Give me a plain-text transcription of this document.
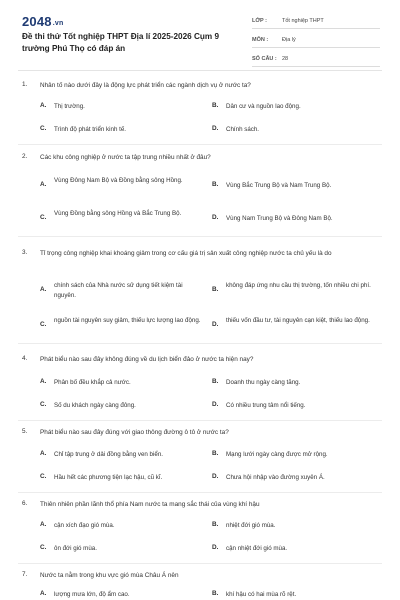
2048.vn
Đề thi thử Tốt nghiệp THPT Địa lí 2025-2026 Cụm 9 trường Phú Thọ có đáp án
LỚP :	Tốt nghiệp THPT
MÔN :	Địa lý
SỐ CÂU : 28
1. Nhân tố nào dưới đây là động lực phát triển các ngành dịch vụ ở nước ta?
A. Thị trường.	B. Dân cư và nguồn lao động.
C. Trình độ phát triển kinh tế.	D. Chính sách.
2. Các khu công nghiệp ở nước ta tập trung nhiều nhất ở đâu?
A.
Vùng Đông Nam Bộ và Đồng bằng sông Hồng.
B. Vùng Bắc Trung Bộ và Nam Trung Bộ.
C.
Vùng Đồng bằng sông Hồng và Bắc Trung Bộ.
D. Vùng Nam Trung Bộ và Đông Nam Bộ.
3. Tỉ trọng công nghiệp khai khoáng giảm trong cơ cấu giá trị sản xuất công nghiệp nước ta chủ yếu là do
A.
chính sách của Nhà nước sử dụng tiết kiệm tài nguyên.
B.
không đáp ứng nhu cầu thị trường, tốn nhiều chi phí.
C.
nguồn tài nguyên suy giảm, thiếu lực lượng lao động.
D.
thiếu vốn đầu tư, tài nguyên cạn kiệt, thiếu lao động.
4. Phát biểu nào sau đây không đúng về du lịch biển đảo ở nước ta hiện nay?
A. Phân bố đều khắp cả nước.	B. Doanh thu ngày càng tăng.
C. Số du khách ngày càng đông.	D. Có nhiều trung tâm nổi tiếng.
5. Phát biểu nào sau đây đúng với giao thông đường ô tô ở nước ta?
A. Chỉ tập trung ở dải đồng bằng ven biển.	B. Mạng lưới ngày càng được mở rộng.
C. Hầu hết các phương tiện lạc hậu, cũ kĩ.	D. Chưa hội nhập vào đường xuyên Á.
6. Thiên nhiên phần lãnh thổ phía Nam nước ta mang sắc thái của vùng khí hậu
A. cận xích đạo gió mùa.	B. nhiệt đới gió mùa.
C. ôn đới gió mùa.	D. cận nhiệt đới gió mùa.
7. Nước ta nằm trong khu vực gió mùa Châu Á nên
A. lượng mưa lớn, độ ẩm cao.	B. khí hậu có hai mùa rõ rệt.
